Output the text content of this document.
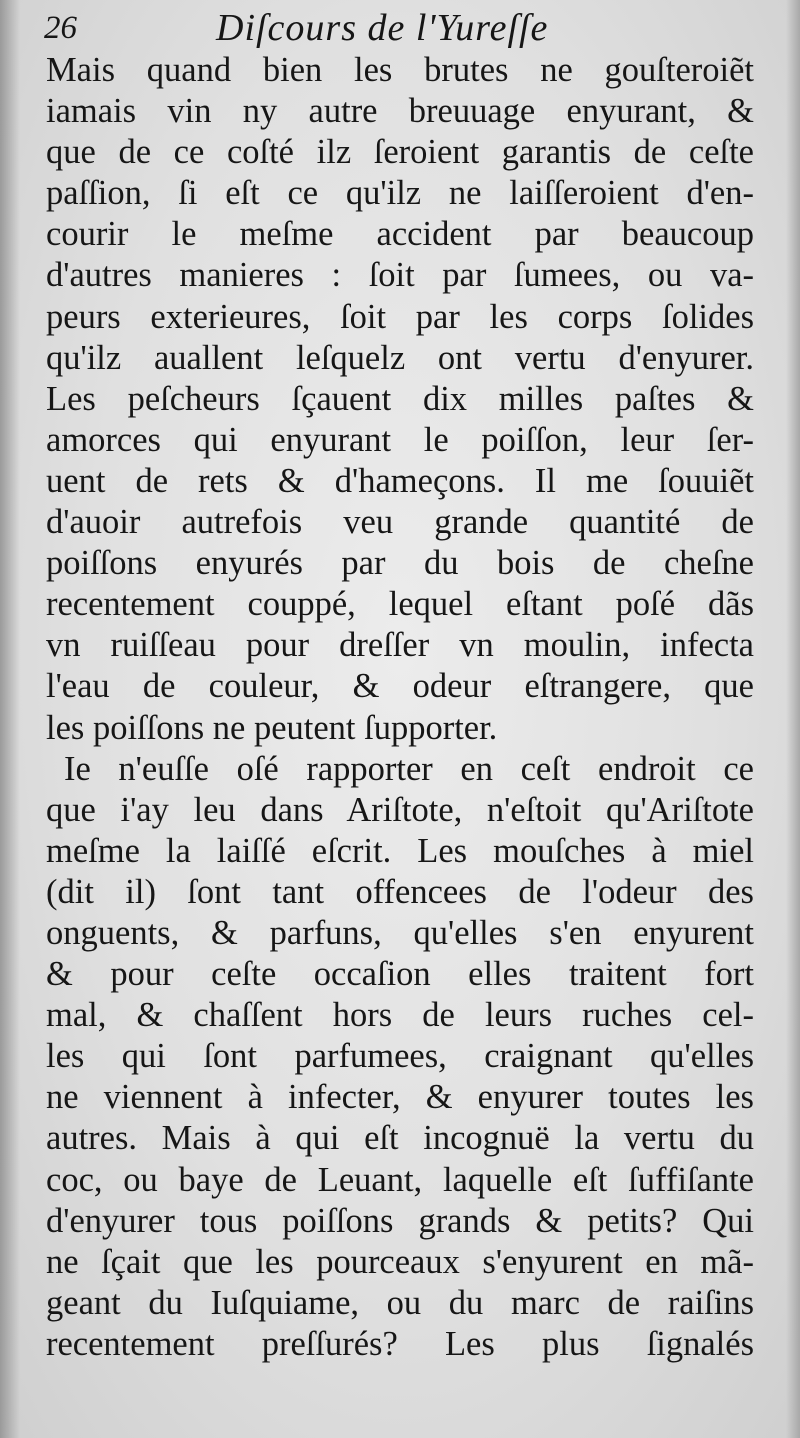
26	Diſcours de l'Yureſſe
Mais quand bien les brutes ne gouſteroiẽt
iamais vin ny autre breuuage enyurant, &
que de ce coſté ilz ſeroient garantis de ceſte
paſſion, ſi eſt ce qu'ilz ne laiſſeroient d'en-
courir le meſme accident par beaucoup
d'autres manieres : ſoit par ſumees, ou va-
peurs exterieures, ſoit par les corps ſolides
qu'ilz auallent leſquelz ont vertu d'enyurer.
Les peſcheurs ſçauent dix milles paſtes &
amorces qui enyurant le poiſſon, leur ſer-
uent de rets & d'hameçons. Il me ſouuiẽt
d'auoir autrefois veu grande quantité de
poiſſons enyurés par du bois de cheſne
recentement couppé, lequel eſtant poſé dãs
vn ruiſſeau pour dreſſer vn moulin, infecta
l'eau de couleur, & odeur eſtrangere, que
les poiſſons ne peutent ſupporter.
Ie n'euſſe oſé rapporter en ceſt endroit ce
que i'ay leu dans Ariſtote, n'eſtoit qu'Ariſtote
meſme la laiſſé eſcrit. Les mouſches à miel
(dit il) ſont tant offencees de l'odeur des
onguents, & parfuns, qu'elles s'en enyurent
& pour ceſte occaſion elles traitent fort
mal, & chaſſent hors de leurs ruches cel-
les qui ſont parfumees, craignant qu'elles
ne viennent à infecter, & enyurer toutes les
autres. Mais à qui eſt incognuë la vertu du
coc, ou baye de Leuant, laquelle eſt ſuffiſante
d'enyurer tous poiſſons grands & petits? Qui
ne ſçait que les pourceaux s'enyurent en mã-
geant du Iuſquiame, ou du marc de raiſins
recentement preſſurés? Les plus ſignalés
